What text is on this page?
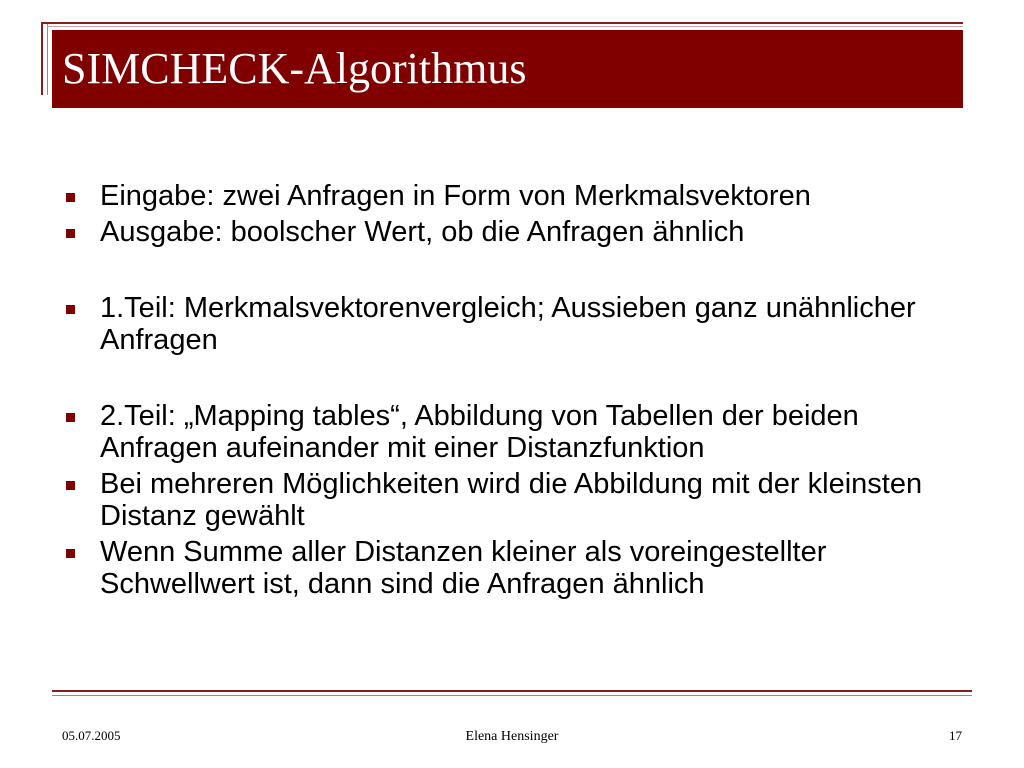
SIMCHECK-Algorithmus
Eingabe: zwei Anfragen in Form von Merkmalsvektoren
Ausgabe: boolscher Wert, ob die Anfragen ähnlich
1.Teil: Merkmalsvektorenvergleich; Aussieben ganz unähnlicher Anfragen
2.Teil: „Mapping tables“, Abbildung von Tabellen der beiden Anfragen aufeinander mit einer Distanzfunktion
Bei mehreren Möglichkeiten wird die Abbildung mit der kleinsten Distanz gewählt
Wenn Summe aller Distanzen kleiner als voreingestellter Schwellwert ist, dann sind die Anfragen ähnlich
05.07.2005	Elena Hensinger	17
